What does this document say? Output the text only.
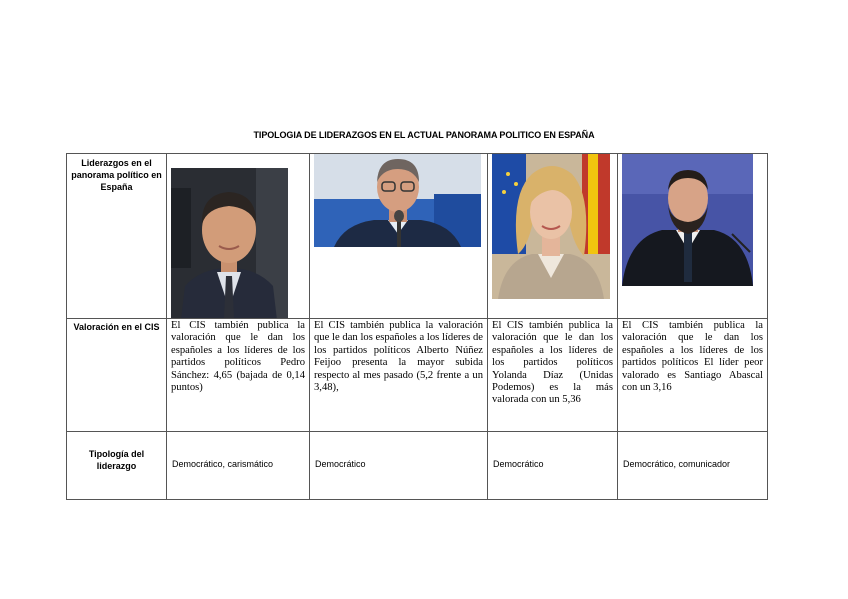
TIPOLOGIA DE LIDERAZGOS EN EL ACTUAL PANORAMA POLITICO EN ESPAÑA
Liderazgos en el panorama político en España

Valoración en el CIS	El CIS también publica la valoración que le dan los españoles a los líderes de los partidos políticos Pedro Sánchez: 4,65 (bajada de 0,14 puntos)	El CIS también publica la valoración que le dan los españoles a los líderes de los partidos políticos Alberto Núñez Feijoo presenta la mayor subida respecto al mes pasado (5,2 frente a un 3,48),	El CIS también publica la valoración que le dan los españoles a los líderes de los partidos políticos Yolanda Díaz (Unidas Podemos) es la más valorada con un 5,36	El CIS también publica la valoración que le dan los españoles a los líderes de los partidos políticos El líder peor valorado es Santiago Abascal con un 3,16

Tipología del liderazgo	Democrático, carismático	Democrático	Democrático	Democrático, comunicador
